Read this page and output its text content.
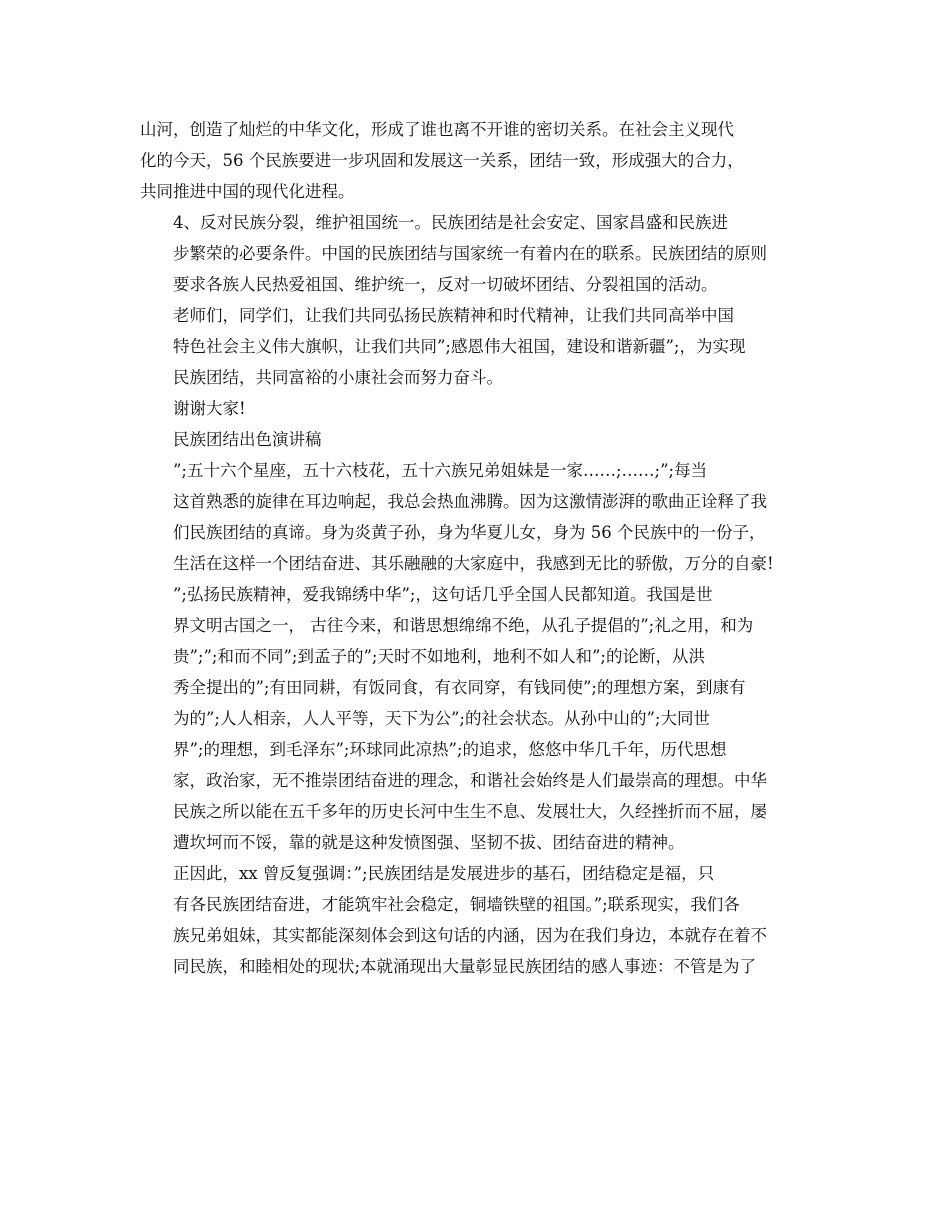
山河，创造了灿烂的中华文化，形成了谁也离不开谁的密切关系。在社会主义现代
化的今天，56 个民族要进一步巩固和发展这一关系，团结一致，形成强大的合力，
共同推进中国的现代化进程。

4、反对民族分裂，维护祖国统一。民族团结是社会安定、国家昌盛和民族进
步繁荣的必要条件。中国的民族团结与国家统一有着内在的联系。民族团结的原则
要求各族人民热爱祖国、维护统一，反对一切破坏团结、分裂祖国的活动。

老师们，同学们，让我们共同弘扬民族精神和时代精神，让我们共同高举中国
特色社会主义伟大旗帜，让我们共同”;感恩伟大祖国，建设和谐新疆”;，为实现
民族团结，共同富裕的小康社会而努力奋斗。

谢谢大家!

民族团结出色演讲稿

”;五十六个星座，五十六枝花，五十六族兄弟姐妹是一家……;……;”;每当
这首熟悉的旋律在耳边响起，我总会热血沸腾。因为这激情澎湃的歌曲正诠释了我
们民族团结的真谛。身为炎黄子孙，身为华夏儿女，身为 56 个民族中的一份子，
生活在这样一个团结奋进、其乐融融的大家庭中，我感到无比的骄傲，万分的自豪!

”;弘扬民族精神，爱我锦绣中华”;，这句话几乎全国人民都知道。我国是世
界文明古国之一， 古往今来，和谐思想绵绵不绝，从孔子提倡的”;礼之用，和为
贵”;”;和而不同”;到孟子的”;天时不如地利，地利不如人和”;的论断，从洪
秀全提出的”;有田同耕，有饭同食，有衣同穿，有钱同使”;的理想方案，到康有
为的”;人人相亲，人人平等，天下为公”;的社会状态。从孙中山的”;大同世
界”;的理想，到毛泽东”;环球同此凉热”;的追求，悠悠中华几千年，历代思想
家，政治家，无不推崇团结奋进的理念，和谐社会始终是人们最崇高的理想。中华
民族之所以能在五千多年的历史长河中生生不息、发展壮大，久经挫折而不屈，屡
遭坎坷而不馁，靠的就是这种发愤图强、坚韧不拔、团结奋进的精神。

正因此，xx 曾反复强调：”;民族团结是发展进步的基石，团结稳定是福，只
有各民族团结奋进，才能筑牢社会稳定，铜墙铁壁的祖国。”;联系现实，我们各
族兄弟姐妹，其实都能深刻体会到这句话的内涵，因为在我们身边，本就存在着不
同民族，和睦相处的现状;本就涌现出大量彰显民族团结的感人事迹：不管是为了
